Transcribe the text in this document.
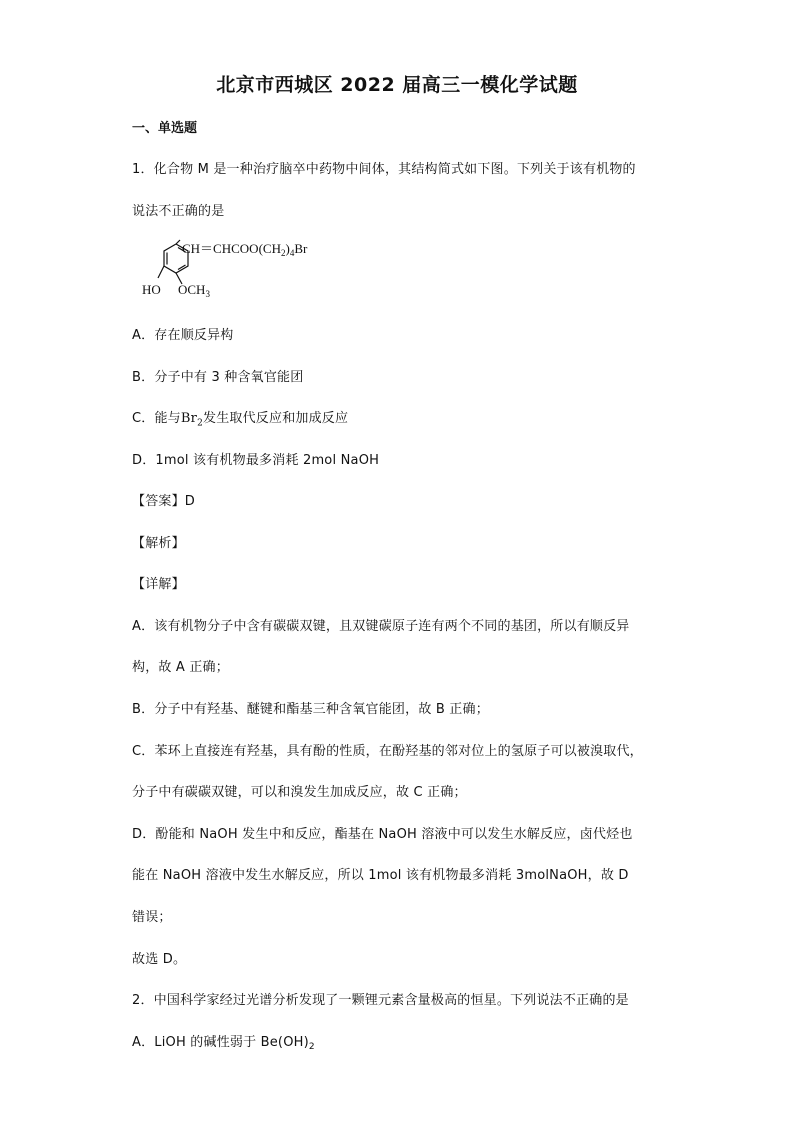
北京市西城区 2022 届高三一模化学试题
一、单选题
1．化合物 M 是一种治疗脑卒中药物中间体，其结构简式如下图。下列关于该有机物的
说法不正确的是
$CH=CHCOO(CH_2)_4Br$
HO $OCH_3$
A．存在顺反异构
B．分子中有 3 种含氧官能团
C．能与$Br_2$发生取代反应和加成反应
D．1mol 该有机物最多消耗 2mol NaOH
【答案】D
【解析】
【详解】
A．该有机物分子中含有碳碳双键，且双键碳原子连有两个不同的基团，所以有顺反异
构，故 A 正确；
B．分子中有羟基、醚键和酯基三种含氧官能团，故 B 正确；
C．苯环上直接连有羟基，具有酚的性质，在酚羟基的邻对位上的氢原子可以被溴取代，
分子中有碳碳双键，可以和溴发生加成反应，故 C 正确；
D．酚能和 NaOH 发生中和反应，酯基在 NaOH 溶液中可以发生水解反应，卤代烃也
能在 NaOH 溶液中发生水解反应，所以 1mol 该有机物最多消耗 3molNaOH，故 D
错误；
故选 D。
2．中国科学家经过光谱分析发现了一颗锂元素含量极高的恒星。下列说法不正确的是
A．LiOH 的碱性弱于 $Be(OH)_2$
